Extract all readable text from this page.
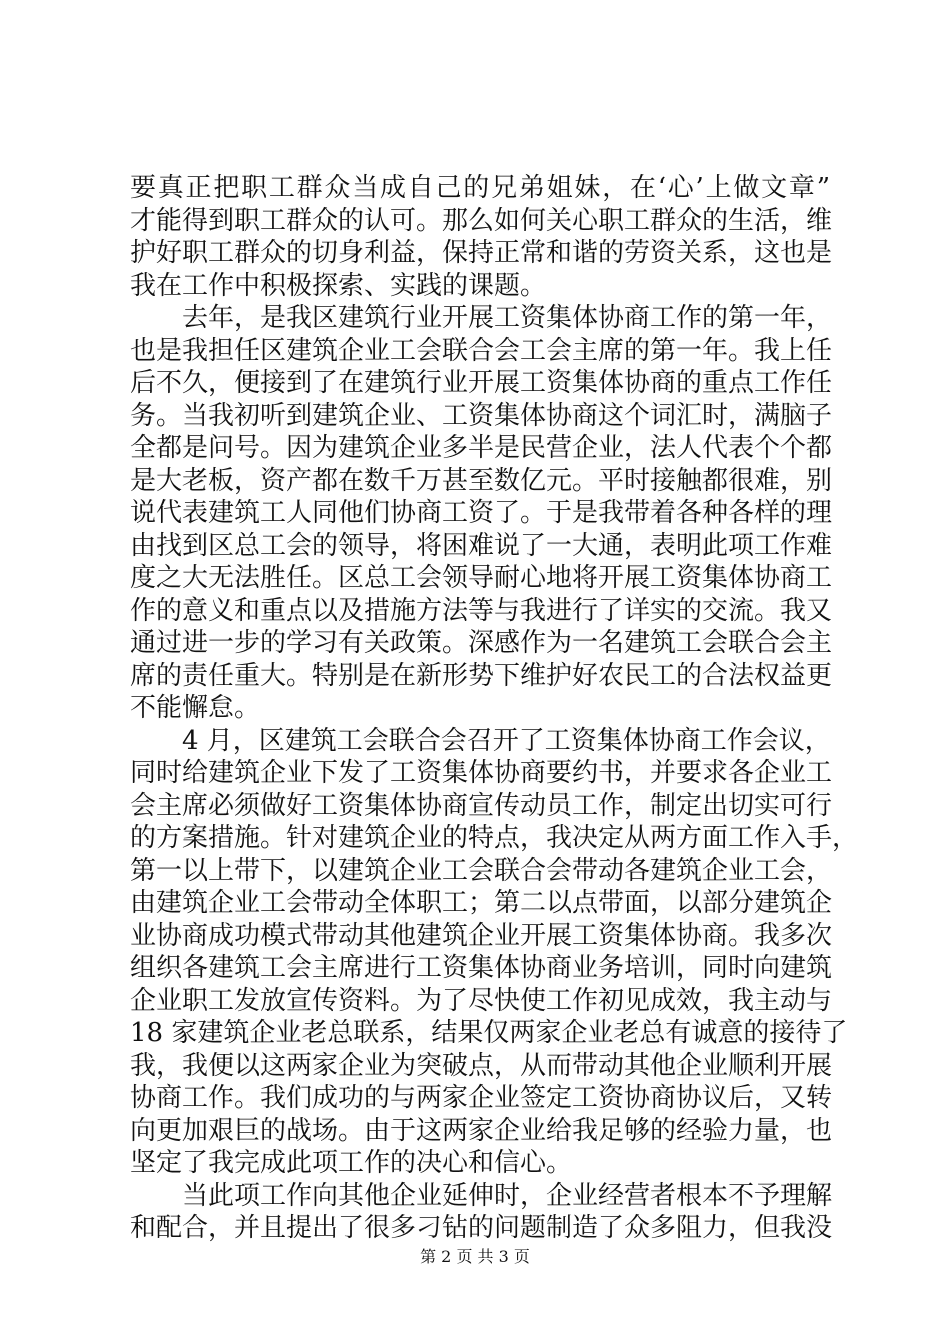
要真正把职工群众当成自己的兄弟姐妹，在‘心’上做文章”
才能得到职工群众的认可。那么如何关心职工群众的生活，维
护好职工群众的切身利益，保持正常和谐的劳资关系，这也是
我在工作中积极探索、实践的课题。
去年，是我区建筑行业开展工资集体协商工作的第一年，
也是我担任区建筑企业工会联合会工会主席的第一年。我上任
后不久，便接到了在建筑行业开展工资集体协商的重点工作任
务。当我初听到建筑企业、工资集体协商这个词汇时，满脑子
全都是问号。因为建筑企业多半是民营企业，法人代表个个都
是大老板，资产都在数千万甚至数亿元。平时接触都很难，别
说代表建筑工人同他们协商工资了。于是我带着各种各样的理
由找到区总工会的领导，将困难说了一大通，表明此项工作难
度之大无法胜任。区总工会领导耐心地将开展工资集体协商工
作的意义和重点以及措施方法等与我进行了详实的交流。我又
通过进一步的学习有关政策。深感作为一名建筑工会联合会主
席的责任重大。特别是在新形势下维护好农民工的合法权益更
不能懈怠。
4 月，区建筑工会联合会召开了工资集体协商工作会议，
同时给建筑企业下发了工资集体协商要约书，并要求各企业工
会主席必须做好工资集体协商宣传动员工作，制定出切实可行
的方案措施。针对建筑企业的特点，我决定从两方面工作入手，
第一以上带下，以建筑企业工会联合会带动各建筑企业工会，
由建筑企业工会带动全体职工；第二以点带面，以部分建筑企
业协商成功模式带动其他建筑企业开展工资集体协商。我多次
组织各建筑工会主席进行工资集体协商业务培训，同时向建筑
企业职工发放宣传资料。为了尽快使工作初见成效，我主动与
18 家建筑企业老总联系，结果仅两家企业老总有诚意的接待了
我，我便以这两家企业为突破点，从而带动其他企业顺利开展
协商工作。我们成功的与两家企业签定工资协商协议后，又转
向更加艰巨的战场。由于这两家企业给我足够的经验力量，也
坚定了我完成此项工作的决心和信心。
当此项工作向其他企业延伸时，企业经营者根本不予理解
和配合，并且提出了很多刁钻的问题制造了众多阻力，但我没
第 2 页 共 3 页
